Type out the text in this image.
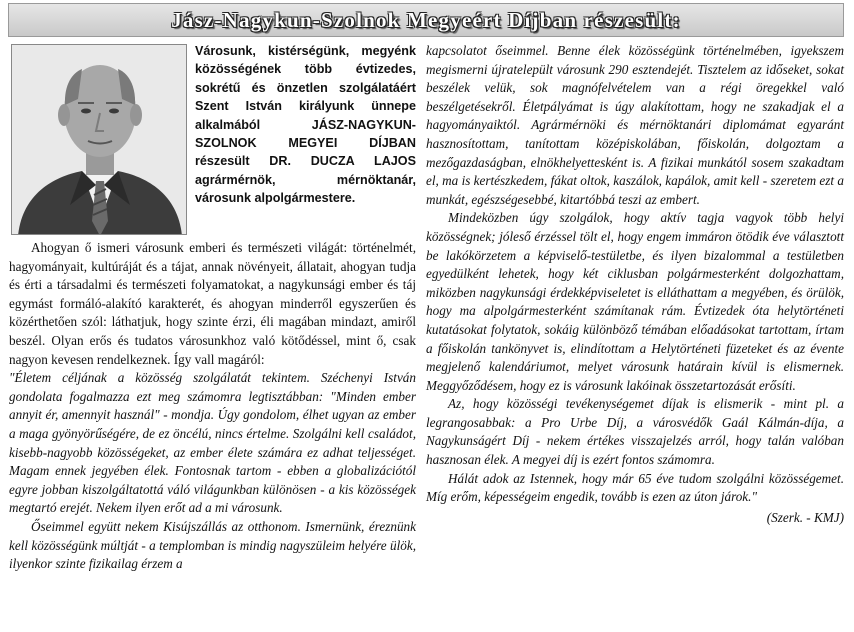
Jász-Nagykun-Szolnok Megyeért Díjban részesült:

Városunk, kistérségünk, megyénk közösségének több évtizedes, sokrétű és önzetlen szolgálatáért Szent István királyunk ünnepe alkalmából JÁSZ-NAGYKUN-SZOLNOK MEGYEI DÍJBAN részesült DR. DUCZA LAJOS agrármérnök, mérnöktanár, városunk alpolgármestere.

Ahogyan ő ismeri városunk emberi és természeti világát: történelmét, hagyományait, kultúráját és a tájat, annak növényeit, állatait, ahogyan tudja és érti a társadalmi és természeti folyamatokat, a nagykunsági ember és táj egymást formáló-alakító karakterét, és ahogyan minderről egyszerűen és közérthetően szól: láthatjuk, hogy szinte érzi, éli magában mindazt, amiről beszél. Olyan erős és tudatos városunkhoz való kötődéssel, mint ő, csak nagyon kevesen rendelkeznek. Így vall magáról:

"Életem céljának a közösség szolgálatát tekintem. Széchenyi István gondolata fogalmazza ezt meg számomra legtisztábban: "Minden ember annyit ér, amennyit használ" - mondja. Úgy gondolom, élhet ugyan az ember a maga gyönyörűségére, de ez öncélú, nincs értelme. Szolgálni kell családot, kisebb-nagyobb közösségeket, az ember élete számára ez adhat teljességet. Magam ennek jegyében élek. Fontosnak tartom - ebben a globalizációtól egyre jobban kiszolgáltatottá váló világunkban különösen - a kis közösségek megtartó erejét. Nekem ilyen erőt ad a mi városunk.

Őseimmel együtt nekem Kisújszállás az otthonom. Ismernünk, éreznünk kell közösségünk múltját - a templomban is mindig nagyszüleim helyére ülök, ilyenkor szinte fizikailag érzem a

kapcsolatot őseimmel. Benne élek közösségünk történelmében, igyekszem megismerni újratelepült városunk 290 esztendejét. Tisztelem az időseket, sokat beszélek velük, sok magnófelvételem van a régi öregekkel való beszélgetésekről. Életpályámat is úgy alakítottam, hogy ne szakadjak el a hagyományaiktól. Agrármérnöki és mérnöktanári diplomámat egyaránt hasznosítottam, tanítottam középiskolában, főiskolán, dolgoztam a mezőgazdaságban, elnökhelyettesként is. A fizikai munkától sosem szakadtam el, ma is kertészkedem, fákat oltok, kaszálok, kapálok, amit kell - szeretem ezt a munkát, egészségesebbé, kitartóbbá teszi az embert.

Mindeközben úgy szolgálok, hogy aktív tagja vagyok több helyi közösségnek; jóleső érzéssel tölt el, hogy engem immáron ötödik éve választott be lakókörzetem a képviselő-testületbe, és ilyen bizalommal a testületben egyedülként lehetek, hogy két ciklusban polgármesterként dolgozhattam, miközben nagykunsági érdekképviseletet is elláthattam a megyében, és örülök, hogy ma alpolgármesterként számítanak rám. Évtizedek óta helytörténeti kutatásokat folytatok, sokáig különböző témában előadásokat tartottam, írtam a főiskolán tankönyvet is, elindítottam a Helytörténeti füzeteket és az évente megjelenő kalendáriumot, melyet városunk határain kívül is elismernek. Meggyőződésem, hogy ez is városunk lakóinak összetartozását erősíti.

Az, hogy közösségi tevékenységemet díjak is elismerik - mint pl. a legrangosabbak: a Pro Urbe Díj, a városvédők Gaál Kálmán-díja, a Nagykunságért Díj - nekem értékes visszajelzés arról, hogy talán valóban hasznosan élek. A megyei díj is ezért fontos számomra.

Hálát adok az Istennek, hogy már 65 éve tudom szolgálni közösségemet. Míg erőm, képességeim engedik, tovább is ezen az úton járok."

(Szerk. - KMJ)
